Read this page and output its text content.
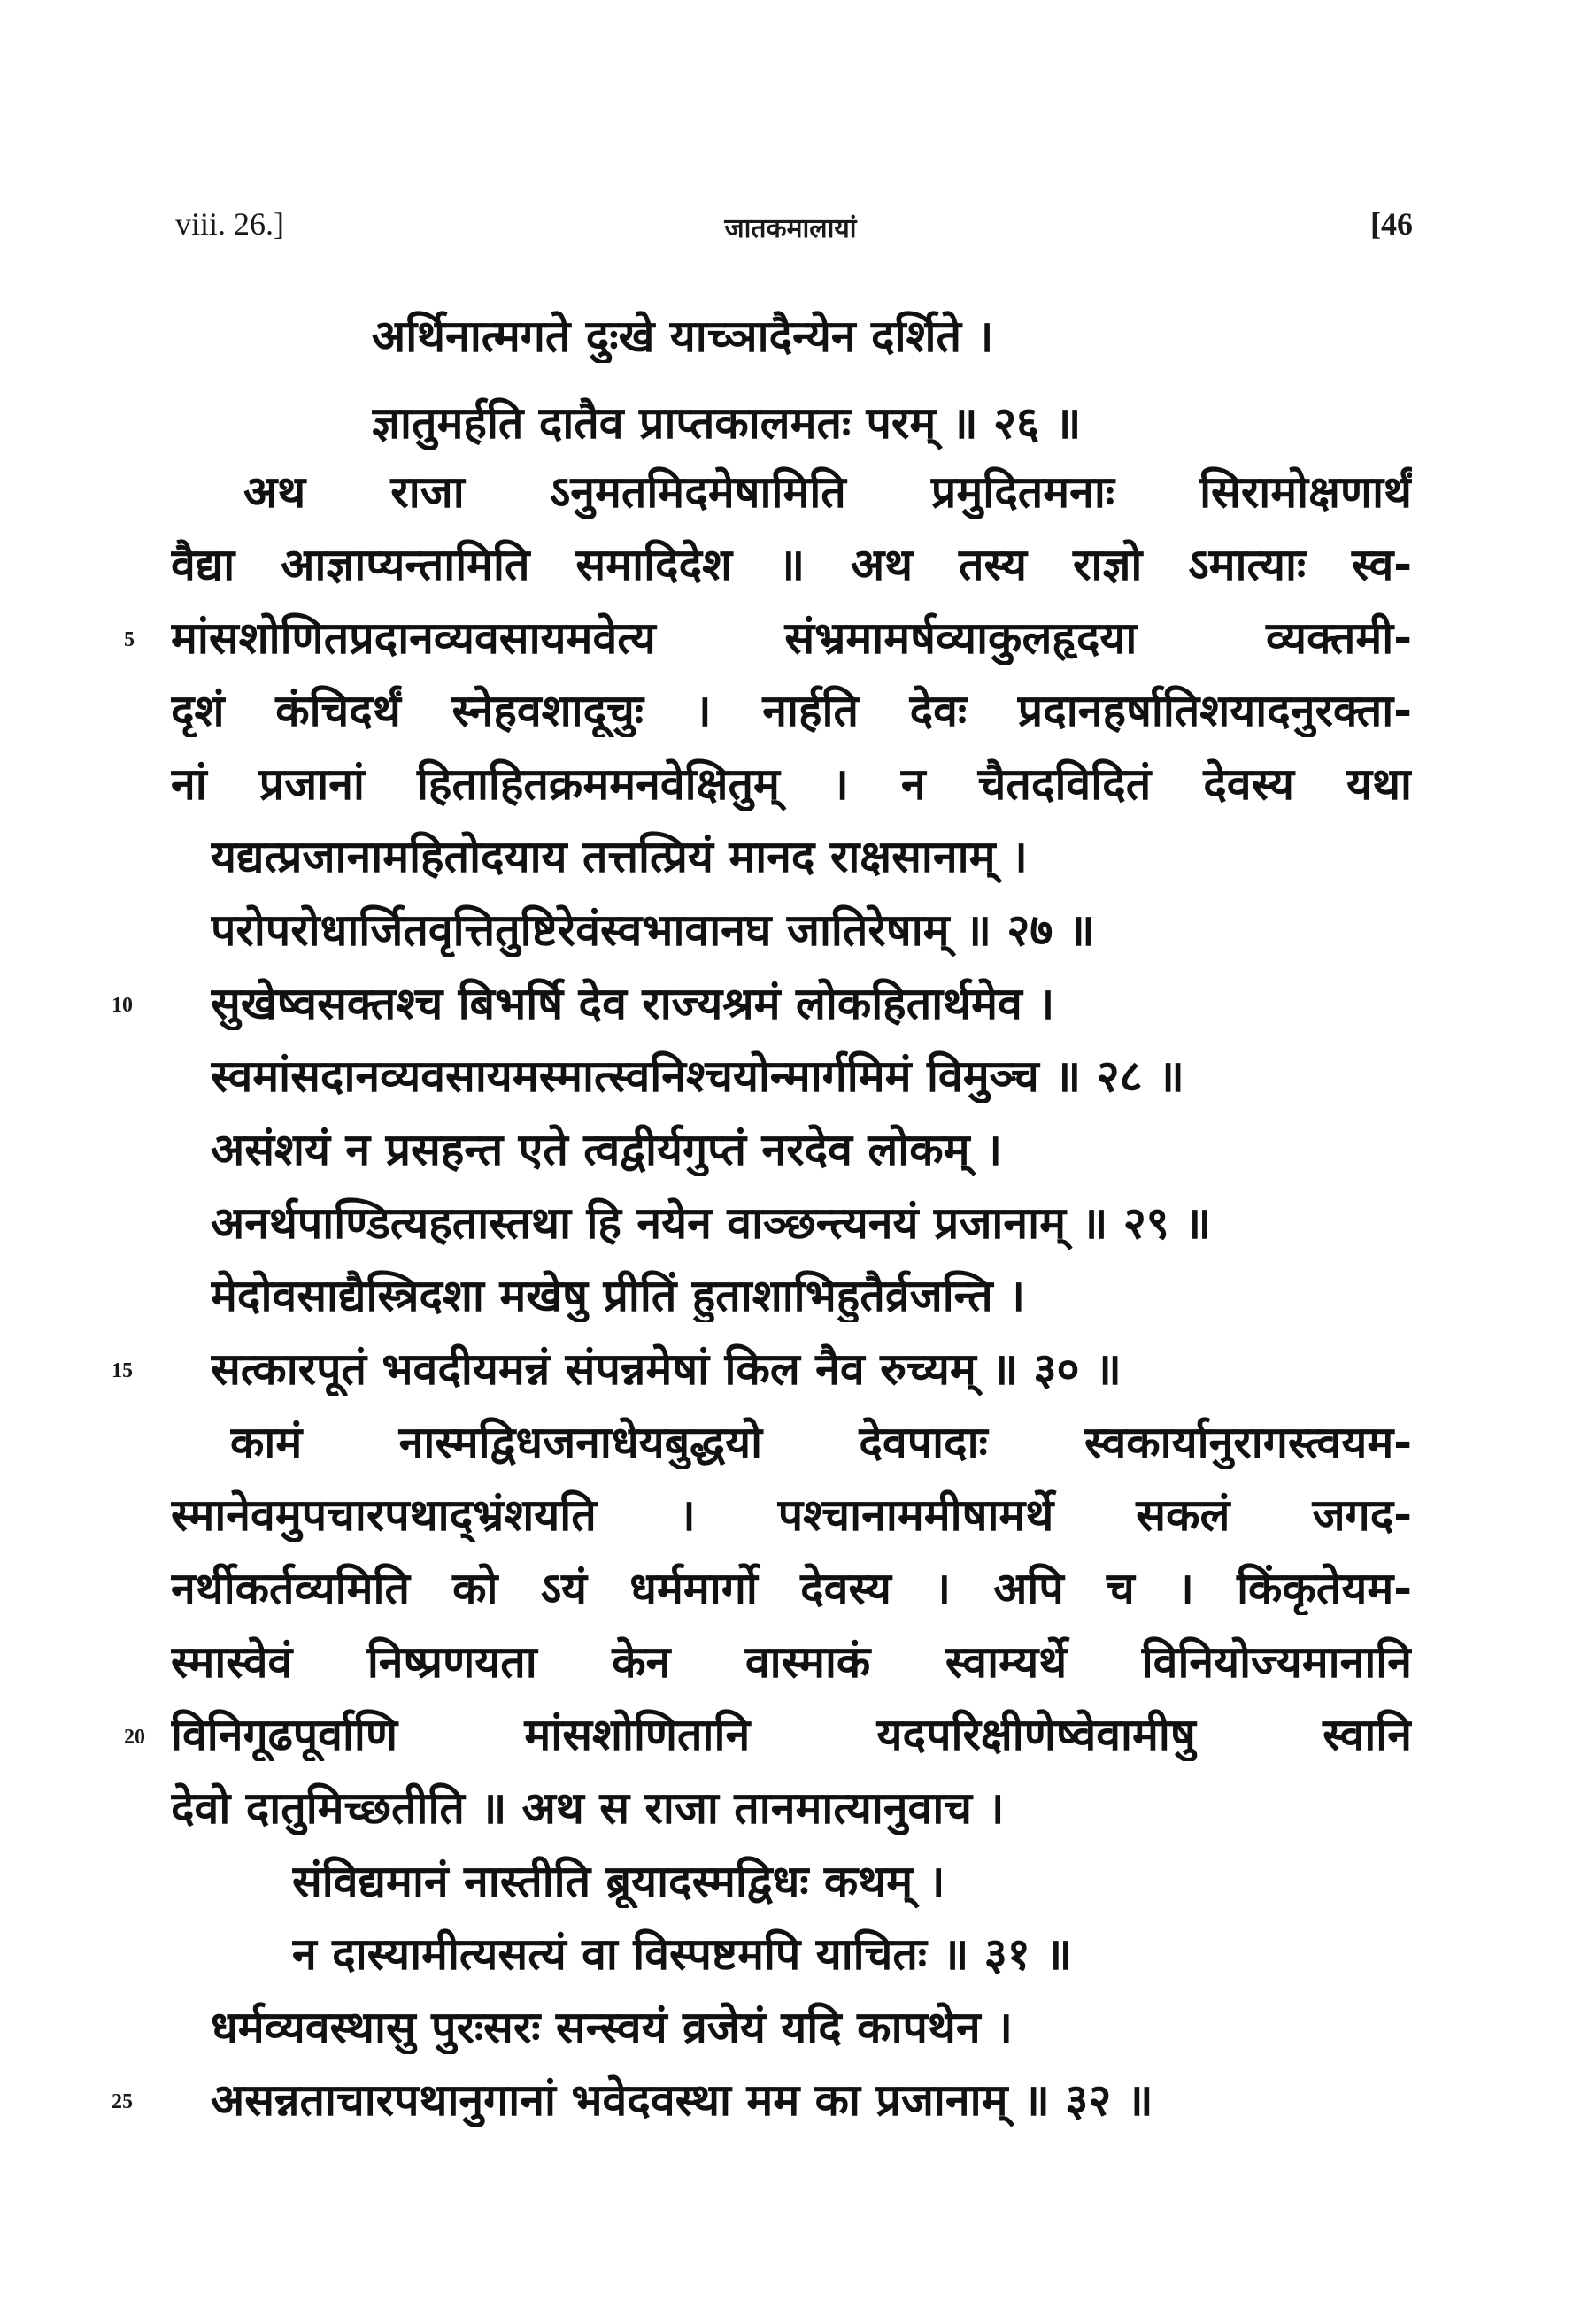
viii. 26.]	जातकमालायां	[46
अर्थिनात्मगते दुःखे याच्ञादैन्येन दर्शिते ।
ज्ञातुमर्हति दातैव प्राप्तकालमतः परम् ॥ २६ ॥
अथ राजा ऽनुमतमिदमेषामिति प्रमुदितमनाः सिरामोक्षणार्थं
वैद्या आज्ञाप्यन्तामिति समादिदेश ॥ अथ तस्य राज्ञो ऽमात्याः स्व-
मांसशोणितप्रदानव्यवसायमवेत्य संभ्रमामर्षव्याकुलहृदया व्यक्तमी-
दृशं कंचिदर्थं स्नेहवशादूचुः । नार्हति देवः प्रदानहर्षातिशयादनुरक्ता-
नां प्रजानां हिताहितक्रममनवेक्षितुम् । न चैतदविदितं देवस्य यथा
यद्यत्प्रजानामहितोदयाय तत्तत्प्रियं मानद राक्षसानाम् ।
परोपरोधार्जितवृत्तितुष्टिरेवंस्वभावानघ जातिरेषाम् ॥ २७ ॥
सुखेष्वसक्तश्च बिभर्षि देव राज्यश्रमं लोकहितार्थमेव ।
स्वमांसदानव्यवसायमस्मात्स्वनिश्चयोन्मार्गमिमं विमुञ्च ॥ २८ ॥
असंशयं न प्रसहन्त एते त्वद्वीर्यगुप्तं नरदेव लोकम् ।
अनर्थपाण्डित्यहतास्तथा हि नयेन वाञ्छन्त्यनयं प्रजानाम् ॥ २९ ॥
मेदोवसाद्यैस्त्रिदशा मखेषु प्रीतिं हुताशाभिहुतैर्व्रजन्ति ।
सत्कारपूतं भवदीयमन्नं संपन्नमेषां किल नैव रुच्यम् ॥ ३० ॥
कामं नास्मद्विधजनाधेयबुद्धयो देवपादाः स्वकार्यानुरागस्त्वयम-
स्मानेवमुपचारपथाद्भ्रंशयति । पश्चानाममीषामर्थे सकलं जगद-
नर्थीकर्तव्यमिति को ऽयं धर्ममार्गो देवस्य । अपि च । किंकृतेयम-
स्मास्वेवं निष्प्रणयता केन वास्माकं स्वाम्यर्थे विनियोज्यमानानि
विनिगूढपूर्वाणि मांसशोणितानि यदपरिक्षीणेष्वेवामीषु स्वानि
देवो दातुमिच्छतीति ॥ अथ स राजा तानमात्यानुवाच ।
संविद्यमानं नास्तीति ब्रूयादस्मद्विधः कथम् ।
न दास्यामीत्यसत्यं वा विस्पष्टमपि याचितः ॥ ३१ ॥
धर्मव्यवस्थासु पुरःसरः सन्स्वयं व्रजेयं यदि कापथेन ।
असन्नताचारपथानुगानां भवेदवस्था मम का प्रजानाम् ॥ ३२ ॥
5
10
15
20
25
